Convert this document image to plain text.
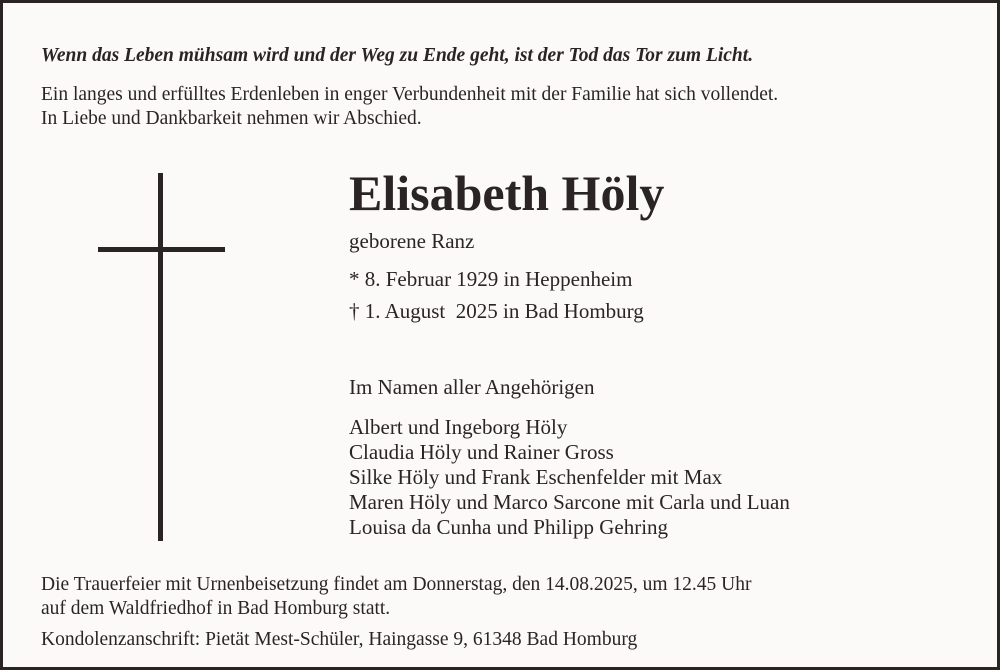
Wenn das Leben mühsam wird und der Weg zu Ende geht, ist der Tod das Tor zum Licht.

Ein langes und erfülltes Erdenleben in enger Verbundenheit mit der Familie hat sich vollendet.
In Liebe und Dankbarkeit nehmen wir Abschied.

Elisabeth Höly

geborene Ranz

* 8. Februar 1929 in Heppenheim

† 1. August  2025 in Bad Homburg

Im Namen aller Angehörigen

Albert und Ingeborg Höly
Claudia Höly und Rainer Gross
Silke Höly und Frank Eschenfelder mit Max
Maren Höly und Marco Sarcone mit Carla und Luan
Louisa da Cunha und Philipp Gehring

Die Trauerfeier mit Urnenbeisetzung findet am Donnerstag, den 14.08.2025, um 12.45 Uhr
auf dem Waldfriedhof in Bad Homburg statt.

Kondolenzanschrift: Pietät Mest-Schüler, Haingasse 9, 61348 Bad Homburg
